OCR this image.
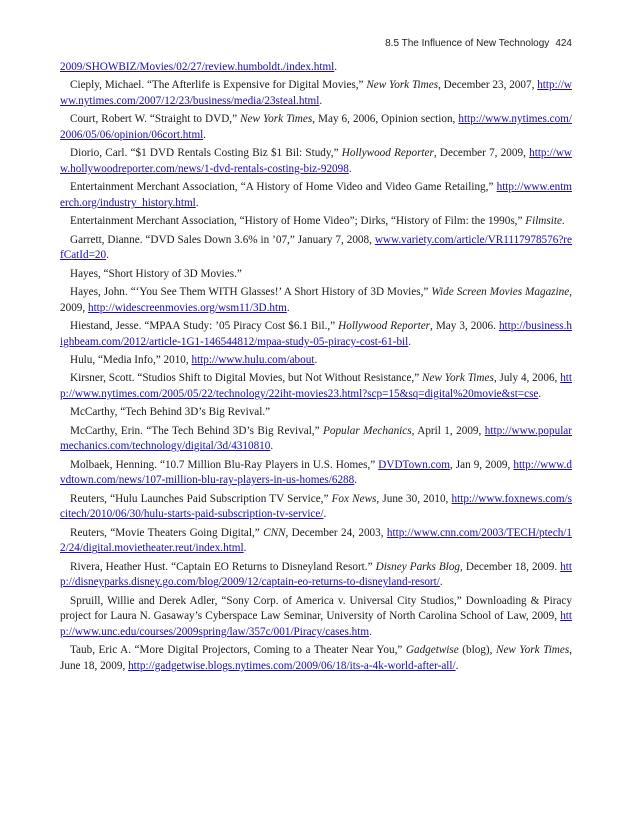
8.5 The Influence of New Technology 424

2009/SHOWBIZ/Movies/02/27/review.humboldt./index.html.

Cieply, Michael. “The Afterlife is Expensive for Digital Movies,” New York Times, December 23, 2007, http://www.nytimes.com/2007/12/23/business/media/23steal.html.

Court, Robert W. “Straight to DVD,” New York Times, May 6, 2006, Opinion section, http://www.nytimes.com/2006/05/06/opinion/06cort.html.

Diorio, Carl. “$1 DVD Rentals Costing Biz $1 Bil: Study,” Hollywood Reporter, December 7, 2009, http://www.hollywoodreporter.com/news/1-dvd-rentals-costing-biz-92098.

Entertainment Merchant Association, “A History of Home Video and Video Game Retailing,” http://www.entmerch.org/industry_history.html.

Entertainment Merchant Association, “History of Home Video”; Dirks, “History of Film: the 1990s,” Filmsite.

Garrett, Dianne. “DVD Sales Down 3.6% in ’07,” January 7, 2008, www.variety.com/article/VR1117978576?refCatId=20.

Hayes, “Short History of 3D Movies.”

Hayes, John. “‘You See Them WITH Glasses!’ A Short History of 3D Movies,” Wide Screen Movies Magazine, 2009, http://widescreenmovies.org/wsm11/3D.htm.

Hiestand, Jesse. “MPAA Study: ’05 Piracy Cost $6.1 Bil.,” Hollywood Reporter, May 3, 2006. http://business.highbeam.com/2012/article-1G1-146544812/mpaa-study-05-piracy-cost-61-bil.

Hulu, “Media Info,” 2010, http://www.hulu.com/about.

Kirsner, Scott. “Studios Shift to Digital Movies, but Not Without Resistance,” New York Times, July 4, 2006, http://www.nytimes.com/2005/05/22/technology/22iht-movies23.html?scp=15&sq=digital%20movie&st=cse.

McCarthy, “Tech Behind 3D’s Big Revival.”

McCarthy, Erin. “The Tech Behind 3D’s Big Revival,” Popular Mechanics, April 1, 2009, http://www.popularmechanics.com/technology/digital/3d/4310810.

Molbaek, Henning. “10.7 Million Blu-Ray Players in U.S. Homes,” DVDTown.com, Jan 9, 2009, http://www.dvdtown.com/news/107-million-blu-ray-players-in-us-homes/6288.

Reuters, “Hulu Launches Paid Subscription TV Service,” Fox News, June 30, 2010, http://www.foxnews.com/scitech/2010/06/30/hulu-starts-paid-subscription-tv-service/.

Reuters, “Movie Theaters Going Digital,” CNN, December 24, 2003, http://www.cnn.com/2003/TECH/ptech/12/24/digital.movietheater.reut/index.html.

Rivera, Heather Hust. “Captain EO Returns to Disneyland Resort.” Disney Parks Blog, December 18, 2009. http://disneyparks.disney.go.com/blog/2009/12/captain-eo-returns-to-disneyland-resort/.

Spruill, Willie and Derek Adler, “Sony Corp. of America v. Universal City Studios,” Downloading & Piracy project for Laura N. Gasaway’s Cyberspace Law Seminar, University of North Carolina School of Law, 2009, http://www.unc.edu/courses/2009spring/law/357c/001/Piracy/cases.htm.

Taub, Eric A. “More Digital Projectors, Coming to a Theater Near You,” Gadgetwise (blog), New York Times, June 18, 2009, http://gadgetwise.blogs.nytimes.com/2009/06/18/its-a-4k-world-after-all/.
